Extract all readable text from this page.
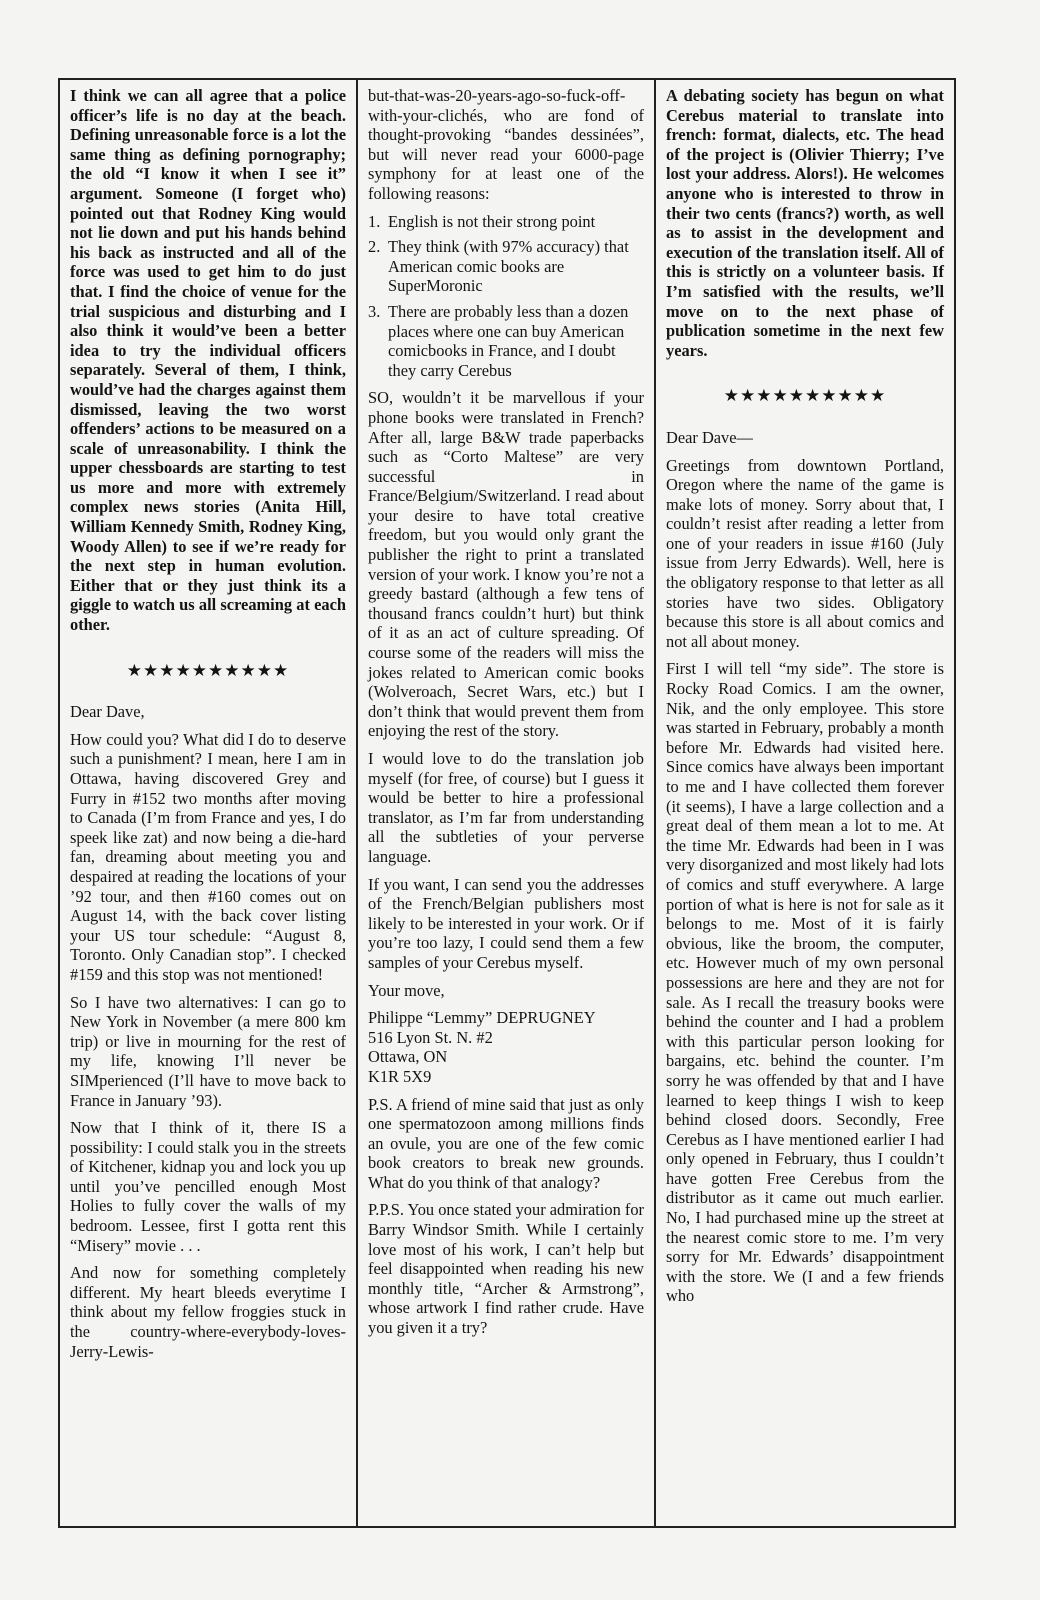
I think we can all agree that a police officer’s life is no day at the beach. Defining unreasonable force is a lot the same thing as defining pornography; the old “I know it when I see it” argument. Someone (I forget who) pointed out that Rodney King would not lie down and put his hands behind his back as instructed and all of the force was used to get him to do just that. I find the choice of venue for the trial suspicious and disturbing and I also think it would’ve been a better idea to try the individual officers separately. Several of them, I think, would’ve had the charges against them dismissed, leaving the two worst offenders’ actions to be measured on a scale of unreasonability. I think the upper chessboards are starting to test us more and more with extremely complex news stories (Anita Hill, William Kennedy Smith, Rodney King, Woody Allen) to see if we’re ready for the next step in human evolution. Either that or they just think its a giggle to watch us all screaming at each other.

★★★★★★★★★★

Dear Dave,

How could you? What did I do to deserve such a punishment? I mean, here I am in Ottawa, having discovered Grey and Furry in #152 two months after moving to Canada (I’m from France and yes, I do speek like zat) and now being a die-hard fan, dreaming about meeting you and despaired at reading the locations of your ’92 tour, and then #160 comes out on August 14, with the back cover listing your US tour schedule: “August 8, Toronto. Only Canadian stop”. I checked #159 and this stop was not mentioned!

So I have two alternatives: I can go to New York in November (a mere 800 km trip) or live in mourning for the rest of my life, knowing I’ll never be SIMperienced (I’ll have to move back to France in January ’93).

Now that I think of it, there IS a possibility: I could stalk you in the streets of Kitchener, kidnap you and lock you up until you’ve pencilled enough Most Holies to fully cover the walls of my bedroom. Lessee, first I gotta rent this “Misery” movie . . .

And now for something completely different. My heart bleeds everytime I think about my fellow froggies stuck in the country-where-everybody-loves-Jerry-Lewis-

but-that-was-20-years-ago-so-fuck-off-with-your-clichés, who are fond of thought-provoking “bandes dessinées”, but will never read your 6000-page symphony for at least one of the following reasons:

1. English is not their strong point
2. They think (with 97% accuracy) that American comic books are SuperMoronic
3. There are probably less than a dozen places where one can buy American comicbooks in France, and I doubt they carry Cerebus

SO, wouldn’t it be marvellous if your phone books were translated in French? After all, large B&W trade paperbacks such as “Corto Maltese” are very successful in France/Belgium/Switzerland. I read about your desire to have total creative freedom, but you would only grant the publisher the right to print a translated version of your work. I know you’re not a greedy bastard (although a few tens of thousand francs couldn’t hurt) but think of it as an act of culture spreading. Of course some of the readers will miss the jokes related to American comic books (Wolveroach, Secret Wars, etc.) but I don’t think that would prevent them from enjoying the rest of the story.

I would love to do the translation job myself (for free, of course) but I guess it would be better to hire a professional translator, as I’m far from understanding all the subtleties of your perverse language.

If you want, I can send you the addresses of the French/Belgian publishers most likely to be interested in your work. Or if you’re too lazy, I could send them a few samples of your Cerebus myself.

Your move,

Philippe “Lemmy” DEPRUGNEY

516 Lyon St. N. #2

Ottawa, ON

K1R 5X9

P.S. A friend of mine said that just as only one spermatozoon among millions finds an ovule, you are one of the few comic book creators to break new grounds. What do you think of that analogy?

P.P.S. You once stated your admiration for Barry Windsor Smith. While I certainly love most of his work, I can’t help but feel disappointed when reading his new monthly title, “Archer & Armstrong”, whose artwork I find rather crude. Have you given it a try?

A debating society has begun on what Cerebus material to translate into french: format, dialects, etc. The head of the project is (Olivier Thierry; I’ve lost your address. Alors!). He welcomes anyone who is interested to throw in their two cents (francs?) worth, as well as to assist in the development and execution of the translation itself. All of this is strictly on a volunteer basis. If I’m satisfied with the results, we’ll move on to the next phase of publication sometime in the next few years.

★★★★★★★★★★

Dear Dave—

Greetings from downtown Portland, Oregon where the name of the game is make lots of money. Sorry about that, I couldn’t resist after reading a letter from one of your readers in issue #160 (July issue from Jerry Edwards). Well, here is the obligatory response to that letter as all stories have two sides. Obligatory because this store is all about comics and not all about money.

First I will tell “my side”. The store is Rocky Road Comics. I am the owner, Nik, and the only employee. This store was started in February, probably a month before Mr. Edwards had visited here. Since comics have always been important to me and I have collected them forever (it seems), I have a large collection and a great deal of them mean a lot to me. At the time Mr. Edwards had been in I was very disorganized and most likely had lots of comics and stuff everywhere. A large portion of what is here is not for sale as it belongs to me. Most of it is fairly obvious, like the broom, the computer, etc. However much of my own personal possessions are here and they are not for sale. As I recall the treasury books were behind the counter and I had a problem with this particular person looking for bargains, etc. behind the counter. I’m sorry he was offended by that and I have learned to keep things I wish to keep behind closed doors. Secondly, Free Cerebus as I have mentioned earlier I had only opened in February, thus I couldn’t have gotten Free Cerebus from the distributor as it came out much earlier. No, I had purchased mine up the street at the nearest comic store to me. I’m very sorry for Mr. Edwards’ disappointment with the store. We (I and a few friends who
